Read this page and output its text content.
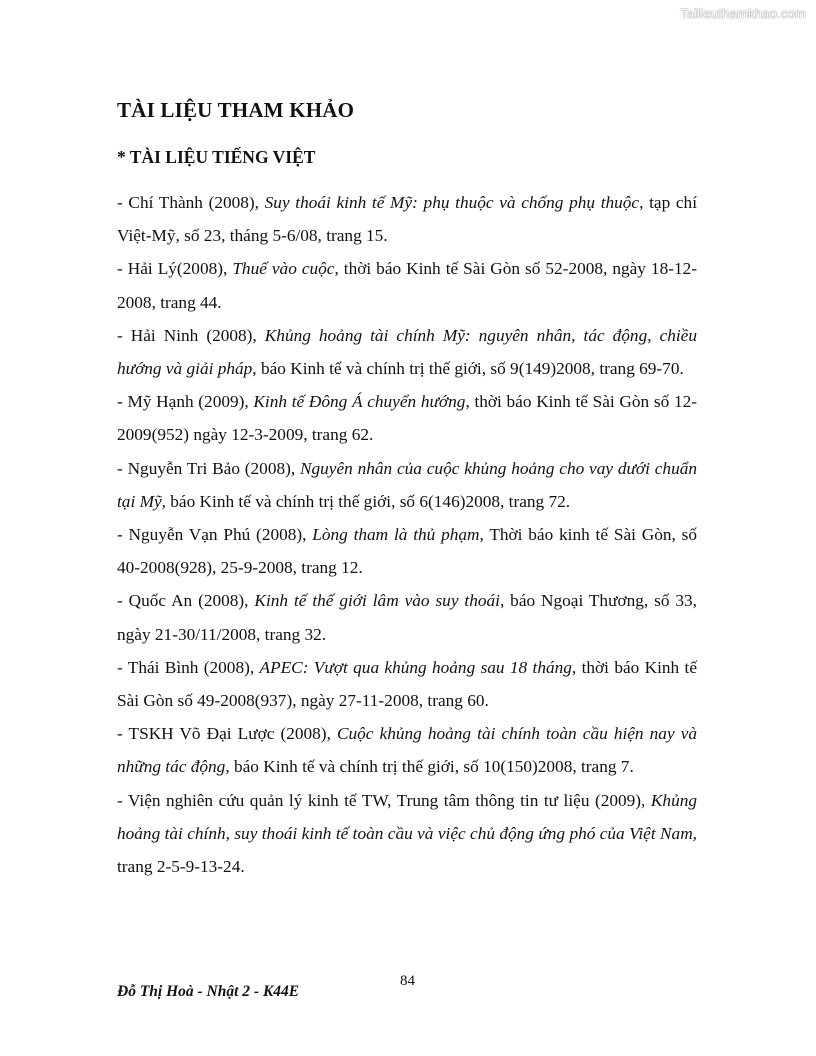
Tailieuthamkhao.com
TÀI LIỆU THAM KHẢO
* TÀI LIỆU TIẾNG VIỆT

- Chí Thành (2008), Suy thoái kinh tế Mỹ: phụ thuộc và chống phụ thuộc, tạp chí Việt-Mỹ, số 23, tháng 5-6/08, trang 15.

- Hải Lý(2008), Thuế vào cuộc, thời báo Kinh tế Sài Gòn số 52-2008, ngày 18-12-2008, trang 44.

- Hải Ninh (2008), Khủng hoảng tài chính Mỹ: nguyên nhân, tác động, chiều hướng và giải pháp, báo Kinh tế và chính trị thế giới, số 9(149)2008, trang 69-70.

- Mỹ Hạnh (2009), Kinh tế Đông Á chuyển hướng, thời báo Kinh tế Sài Gòn số 12-2009(952) ngày 12-3-2009, trang 62.

- Nguyễn Tri Bảo (2008), Nguyên nhân của cuộc khủng hoảng cho vay dưới chuẩn tại Mỹ, báo Kinh tế và chính trị thế giới, số 6(146)2008, trang 72.

- Nguyễn Vạn Phú (2008), Lòng tham là thủ phạm, Thời báo kinh tế Sài Gòn, số 40-2008(928), 25-9-2008, trang 12.

- Quốc An (2008), Kinh tế thế giới lâm vào suy thoái, báo Ngoại Thương, số 33, ngày 21-30/11/2008, trang 32.

- Thái Bình (2008), APEC: Vượt qua khủng hoảng sau 18 tháng, thời báo Kinh tế Sài Gòn số 49-2008(937), ngày 27-11-2008, trang 60.

- TSKH Võ Đại Lược (2008), Cuộc khủng hoảng tài chính toàn cầu hiện nay và những tác động, báo Kinh tế và chính trị thế giới, số 10(150)2008, trang 7.

- Viện nghiên cứu quản lý kinh tế TW, Trung tâm thông tin tư liệu (2009), Khủng hoảng tài chính, suy thoái kinh tế toàn cầu và việc chủ động ứng phó của Việt Nam, trang 2-5-9-13-24.

Đỗ Thị Hoà - Nhật 2 - K44E
84
